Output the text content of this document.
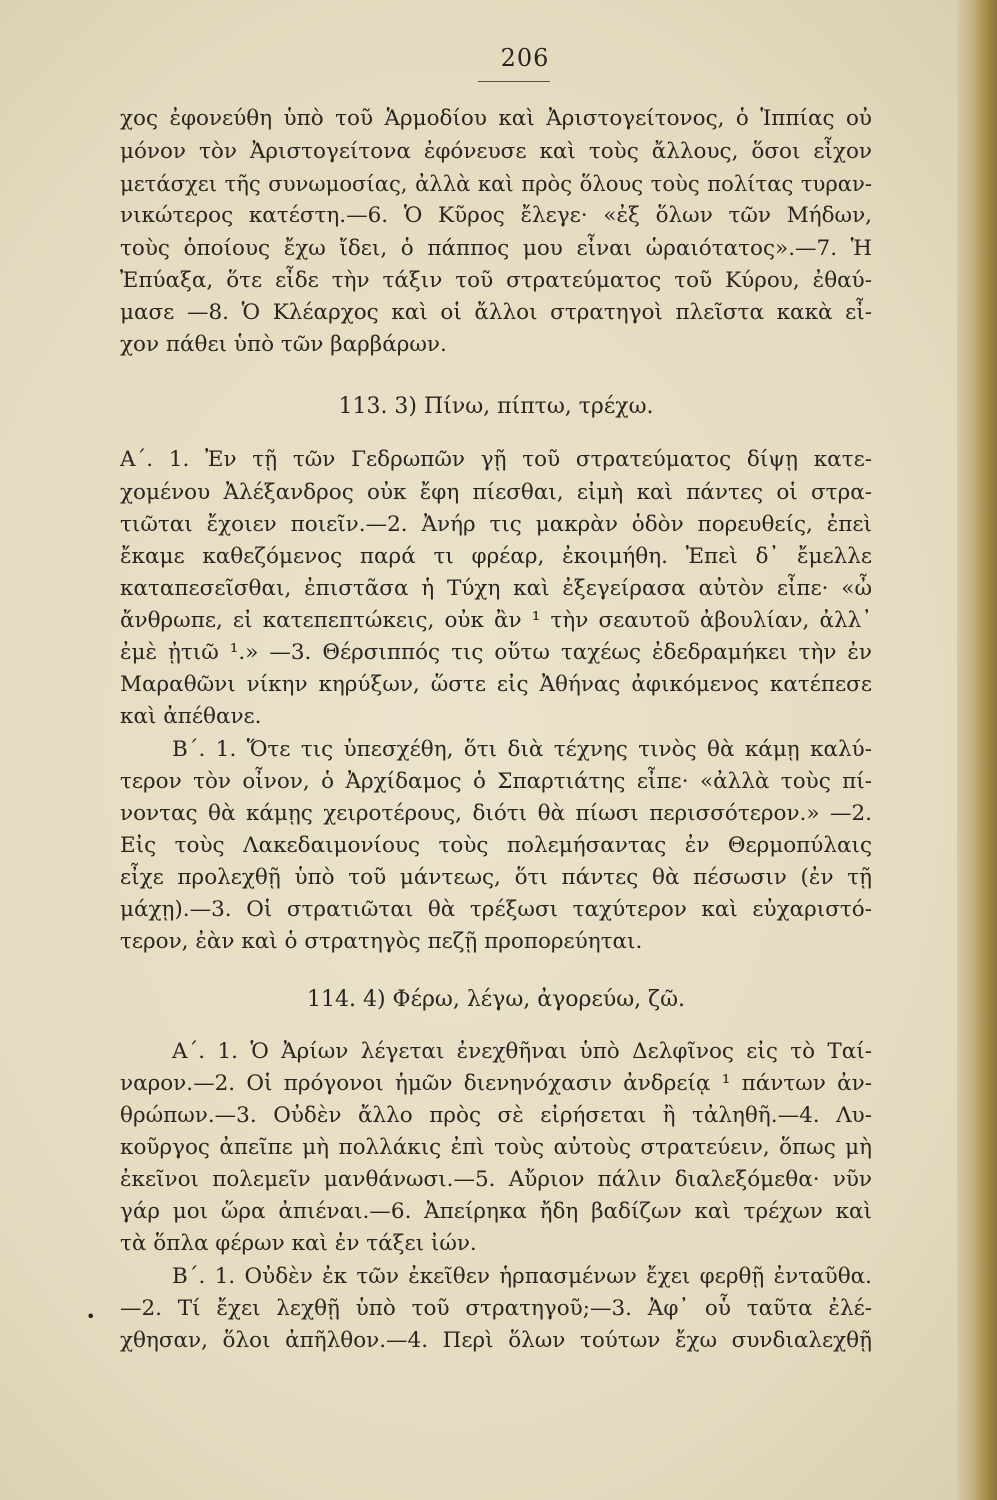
206

χος ἐφονεύθη ὑπὸ τοῦ Ἁρμοδίου καὶ Ἀριστογείτονος, ὁ Ἱππίας οὐ

μόνον τὸν Ἀριστογείτονα ἐφόνευσε καὶ τοὺς ἄλλους, ὅσοι εἶχον

μετάσχει τῆς συνωμοσίας, ἀλλὰ καὶ πρὸς ὅλους τοὺς πολίτας τυραν-

νικώτερος κατέστη.—6. Ὁ Κῦρος ἔλεγε· «ἐξ ὅλων τῶν Μήδων,

τοὺς ὁποίους ἔχω ἴδει, ὁ πάππος μου εἶναι ὡραιότατος».—7. Ἡ

Ἐπύαξα, ὅτε εἶδε τὴν τάξιν τοῦ στρατεύματος τοῦ Κύρου, ἐθαύ-

μασε —8. Ὁ Κλέαρχος καὶ οἱ ἄλλοι στρατηγοὶ πλεῖστα κακὰ εἶ-

χον πάθει ὑπὸ τῶν βαρβάρων.

113. 3) Πίνω, πίπτω, τρέχω.

Α΄. 1. Ἐν τῇ τῶν Γεδρωπῶν γῇ τοῦ στρατεύματος δίψῃ κατε-

χομένου Ἀλέξανδρος οὐκ ἔφη πίεσθαι, εἰμὴ καὶ πάντες οἱ στρα-

τιῶται ἔχοιεν ποιεῖν.—2. Ἀνήρ τις μακρὰν ὁδὸν πορευθείς, ἐπεὶ

ἔκαμε καθεζόμενος παρά τι φρέαρ, ἐκοιμήθη. Ἐπεὶ δ᾽ ἔμελλε

καταπεσεῖσθαι, ἐπιστᾶσα ἡ Τύχη καὶ ἐξεγείρασα αὐτὸν εἶπε· «ὦ

ἄνθρωπε, εἰ κατεπεπτώκεις, οὐκ ἂν ¹ τὴν σεαυτοῦ ἀβουλίαν, ἀλλ᾽

ἐμὲ ᾐτιῶ ¹.» —3. Θέρσιππός τις οὕτω ταχέως ἐδεδραμήκει τὴν ἐν

Μαραθῶνι νίκην κηρύξων, ὥστε εἰς Ἀθήνας ἀφικόμενος κατέπεσε

καὶ ἀπέθανε.

Β΄. 1. Ὅτε τις ὑπεσχέθη, ὅτι διὰ τέχνης τινὸς θὰ κάμῃ καλύ-

τερον τὸν οἶνον, ὁ Ἀρχίδαμος ὁ Σπαρτιάτης εἶπε· «ἀλλὰ τοὺς πί-

νοντας θὰ κάμῃς χειροτέρους, διότι θὰ πίωσι περισσότερον.» —2.

Εἰς τοὺς Λακεδαιμονίους τοὺς πολεμήσαντας ἐν Θερμοπύλαις

εἶχε προλεχθῇ ὑπὸ τοῦ μάντεως, ὅτι πάντες θὰ πέσωσιν (ἐν τῇ

μάχῃ).—3. Οἱ στρατιῶται θὰ τρέξωσι ταχύτερον καὶ εὐχαριστό-

τερον, ἐὰν καὶ ὁ στρατηγὸς πεζῇ προπορεύηται.

114. 4) Φέρω, λέγω, ἀγορεύω, ζῶ.

Α΄. 1. Ὁ Ἀρίων λέγεται ἐνεχθῆναι ὑπὸ Δελφῖνος εἰς τὸ Ταί-

ναρον.—2. Οἱ πρόγονοι ἡμῶν διενηνόχασιν ἀνδρείᾳ ¹ πάντων ἀν-

θρώπων.—3. Οὐδὲν ἄλλο πρὸς σὲ εἰρήσεται ἢ τἀληθῆ.—4. Λυ-

κοῦργος ἀπεῖπε μὴ πολλάκις ἐπὶ τοὺς αὐτοὺς στρατεύειν, ὅπως μὴ

ἐκεῖνοι πολεμεῖν μανθάνωσι.—5. Αὔριον πάλιν διαλεξόμεθα· νῦν

γάρ μοι ὥρα ἀπιέναι.—6. Ἀπείρηκα ἤδη βαδίζων καὶ τρέχων καὶ

τὰ ὅπλα φέρων καὶ ἐν τάξει ἰών.

Β΄. 1. Οὐδὲν ἐκ τῶν ἐκεῖθεν ἡρπασμένων ἔχει φερθῇ ἐνταῦθα.

—2. Τί ἔχει λεχθῇ ὑπὸ τοῦ στρατηγοῦ;—3. Ἀφ᾽ οὗ ταῦτα ἐλέ-

χθησαν, ὅλοι ἀπῆλθον.—4. Περὶ ὅλων τούτων ἔχω συνδιαλεχθῇ

•
